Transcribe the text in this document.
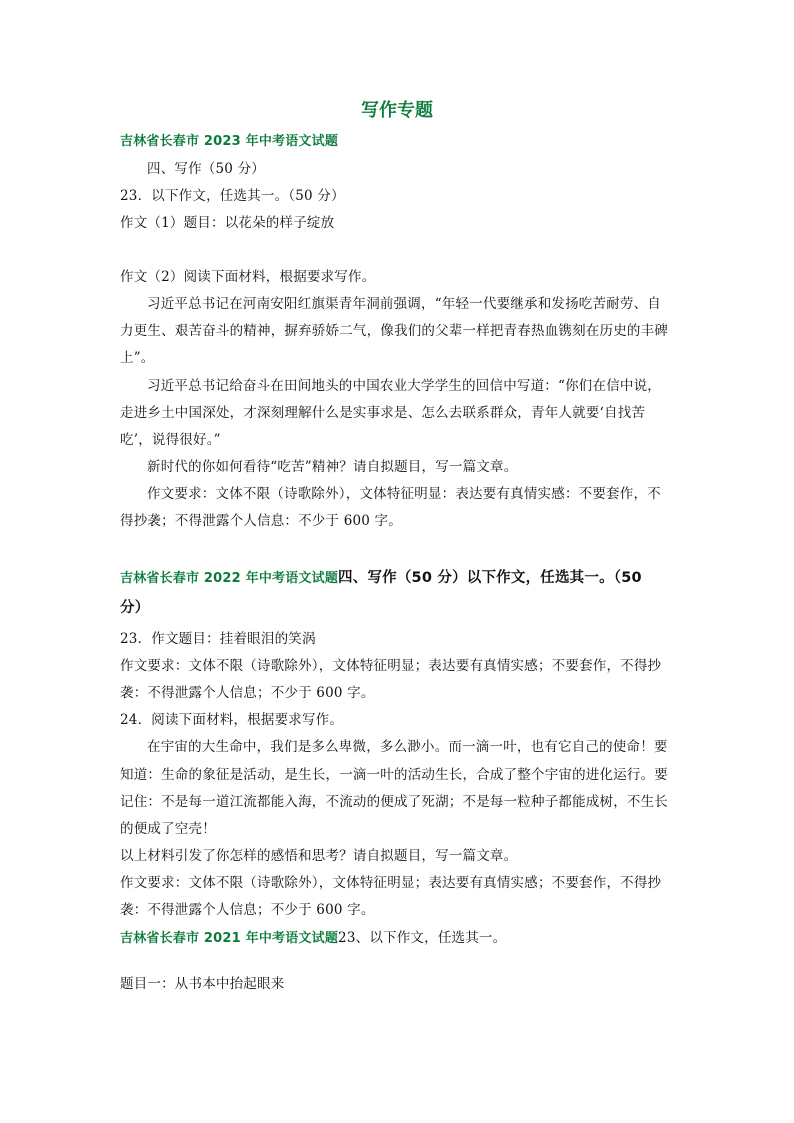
写作专题
吉林省长春市 2023 年中考语文试题
四、写作（50 分）
23．以下作文，任选其一。（50 分）
作文（1）题目：以花朵的样子绽放
作文（2）阅读下面材料，根据要求写作。
习近平总书记在河南安阳红旗渠青年洞前强调，“年轻一代要继承和发扬吃苦耐劳、自
力更生、艰苦奋斗的精神，摒弃骄娇二气，像我们的父辈一样把青春热血镌刻在历史的丰碑
上”。
习近平总书记给奋斗在田间地头的中国农业大学学生的回信中写道：“你们在信中说，
走进乡土中国深处，才深刻理解什么是实事求是、怎么去联系群众，青年人就要‘自找苦
吃’，说得很好。”
新时代的你如何看待“吃苦”精神？请自拟题目，写一篇文章。
作文要求：文体不限（诗歌除外），文体特征明显：表达要有真情实感：不要套作，不
得抄袭；不得泄露个人信息：不少于 600 字。
吉林省长春市 2022 年中考语文试题四、写作（50 分）以下作文，任选其一。（50
分）
23．作文题目：挂着眼泪的笑涡
作文要求：文体不限（诗歌除外），文体特征明显；表达要有真情实感；不要套作，不得抄
袭：不得泄露个人信息；不少于 600 字。
24．阅读下面材料，根据要求写作。
在宇宙的大生命中，我们是多么卑微，多么渺小。而一滴一叶，也有它自己的使命！要
知道：生命的象征是活动，是生长，一滴一叶的活动生长，合成了整个宇宙的进化运行。要
记住：不是每一道江流都能入海，不流动的便成了死湖；不是每一粒种子都能成树，不生长
的便成了空壳！
以上材料引发了你怎样的感悟和思考？请自拟题目，写一篇文章。
作文要求：文体不限（诗歌除外），文体特征明显；表达要有真情实感；不要套作，不得抄
袭：不得泄露个人信息；不少于 600 字。
吉林省长春市 2021 年中考语文试题23、以下作文，任选其一。
题目一：从书本中抬起眼来
